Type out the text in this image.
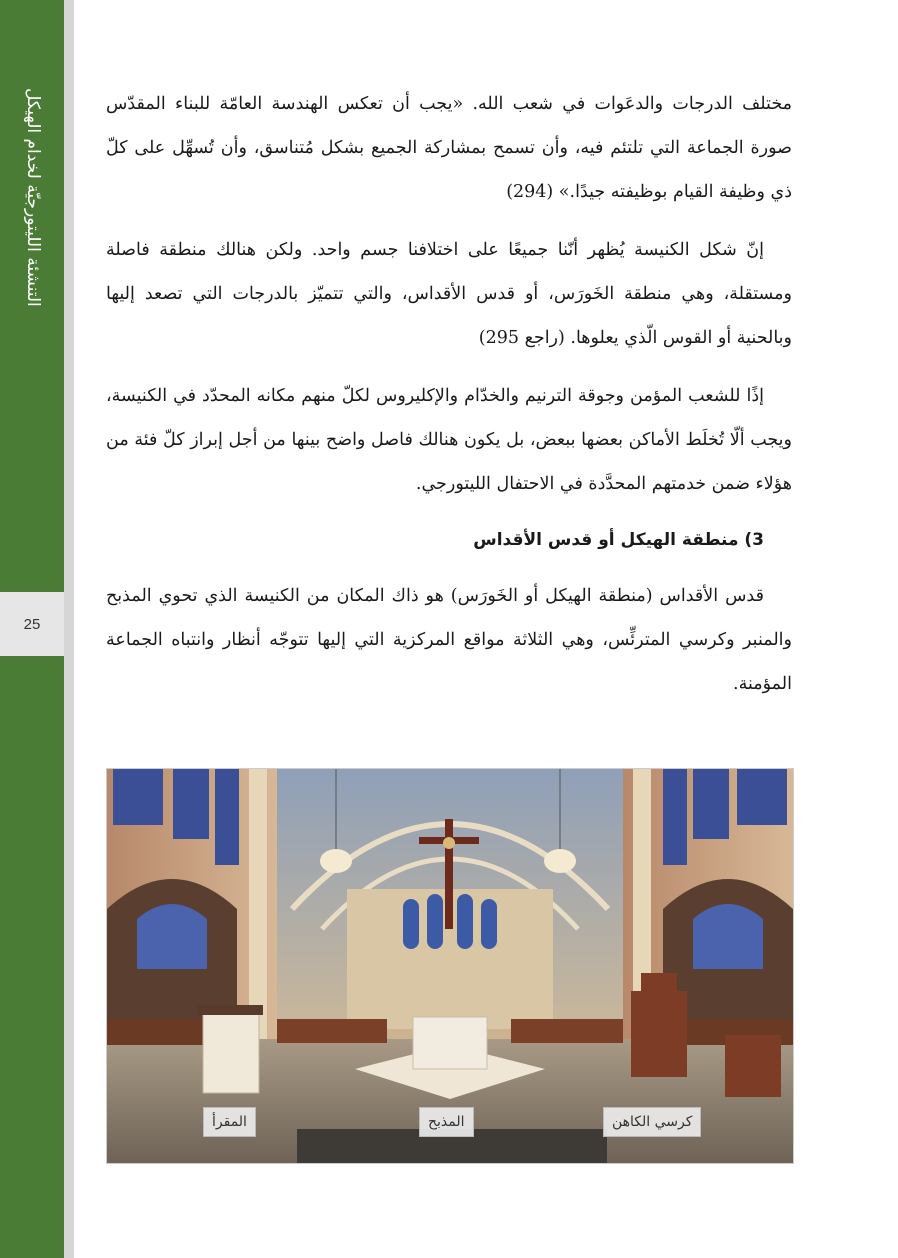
التنشئة الليتورجيّة لخدام الهيكل
25

مختلف الدرجات والدعَوات في شعب الله. «يجب أن تعكس الهندسة العامّة للبناء المقدّس صورة الجماعة التي تلتئم فيه، وأن تسمح بمشاركة الجميع بشكل مُتناسق، وأن تُسهِّل على كلّ ذي وظيفة القيام بوظيفته جيدًا.» (294)

إنّ شكل الكنيسة يُظهر أنّنا جميعًا على اختلافنا جسم واحد. ولكن هنالك منطقة فاصلة ومستقلة، وهي منطقة الخَورَس، أو قدس الأقداس، والتي تتميّز بالدرجات التي تصعد إليها وبالحنية أو القوس الّذي يعلوها. (راجع 295)

إذًا للشعب المؤمن وجوقة الترنيم والخدّام والإكليروس لكلّ منهم مكانه المحدّد في الكنيسة، ويجب ألّا تُخلَط الأماكن بعضها ببعض، بل يكون هنالك فاصل واضح بينها من أجل إبراز كلّ فئة من هؤلاء ضمن خدمتهم المحدَّدة في الاحتفال الليتورجي.

3) منطقة الهيكل أو قدس الأقداس

قدس الأقداس (منطقة الهيكل أو الخَورَس) هو ذاك المكان من الكنيسة الذي تحوي المذبح والمنبر وكرسي المترئِّس، وهي الثلاثة مواقع المركزية التي إليها تتوجّه أنظار وانتباه الجماعة المؤمنة.

المقرأ	المذبح	كرسي الكاهن
